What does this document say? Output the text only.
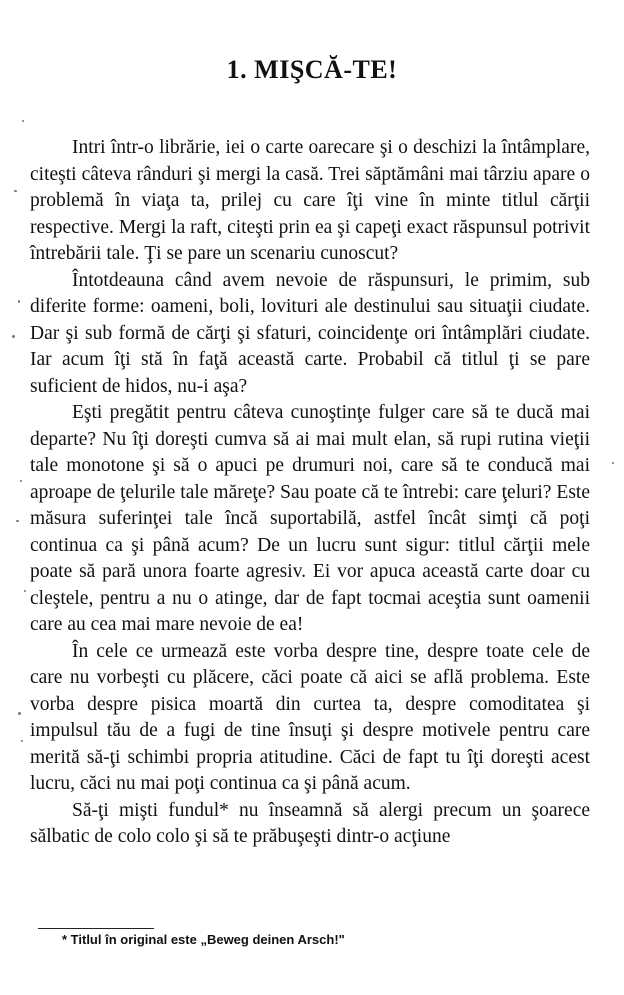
1. MIŞCĂ-TE!

Intri într-o librărie, iei o carte oarecare şi o deschizi la întâmplare, citeşti câteva rânduri şi mergi la casă. Trei săptămâni mai târziu apare o problemă în viaţa ta, prilej cu care îţi vine în minte titlul cărţii respective. Mergi la raft, citeşti prin ea şi capeţi exact răspunsul potrivit întrebării tale. Ţi se pare un scenariu cunoscut?

Întotdeauna când avem nevoie de răspunsuri, le primim, sub diferite forme: oameni, boli, lovituri ale destinului sau situaţii ciudate. Dar şi sub formă de cărţi şi sfaturi, coincidenţe ori întâmplări ciudate. Iar acum îţi stă în faţă această carte. Probabil că titlul ţi se pare suficient de hidos, nu-i aşa?

Eşti pregătit pentru câteva cunoştinţe fulger care să te ducă mai departe? Nu îţi doreşti cumva să ai mai mult elan, să rupi rutina vieţii tale monotone şi să o apuci pe drumuri noi, care să te conducă mai aproape de ţelurile tale măreţe? Sau poate că te întrebi: care ţeluri? Este măsura suferinţei tale încă suportabilă, astfel încât simţi că poţi continua ca şi până acum? De un lucru sunt sigur: titlul cărţii mele poate să pară unora foarte agresiv. Ei vor apuca această carte doar cu cleştele, pentru a nu o atinge, dar de fapt tocmai aceştia sunt oamenii care au cea mai mare nevoie de ea!

În cele ce urmează este vorba despre tine, despre toate cele de care nu vorbeşti cu plăcere, căci poate că aici se află problema. Este vorba despre pisica moartă din curtea ta, despre comoditatea şi impulsul tău de a fugi de tine însuţi şi despre motivele pentru care merită să-ţi schimbi propria atitudine. Căci de fapt tu îţi doreşti acest lucru, căci nu mai poţi continua ca şi până acum.

Să-ţi mişti fundul* nu înseamnă să alergi precum un şoarece sălbatic de colo colo şi să te prăbuşeşti dintr-o acţiune

* Titlul în original este „Beweg deinen Arsch!"
